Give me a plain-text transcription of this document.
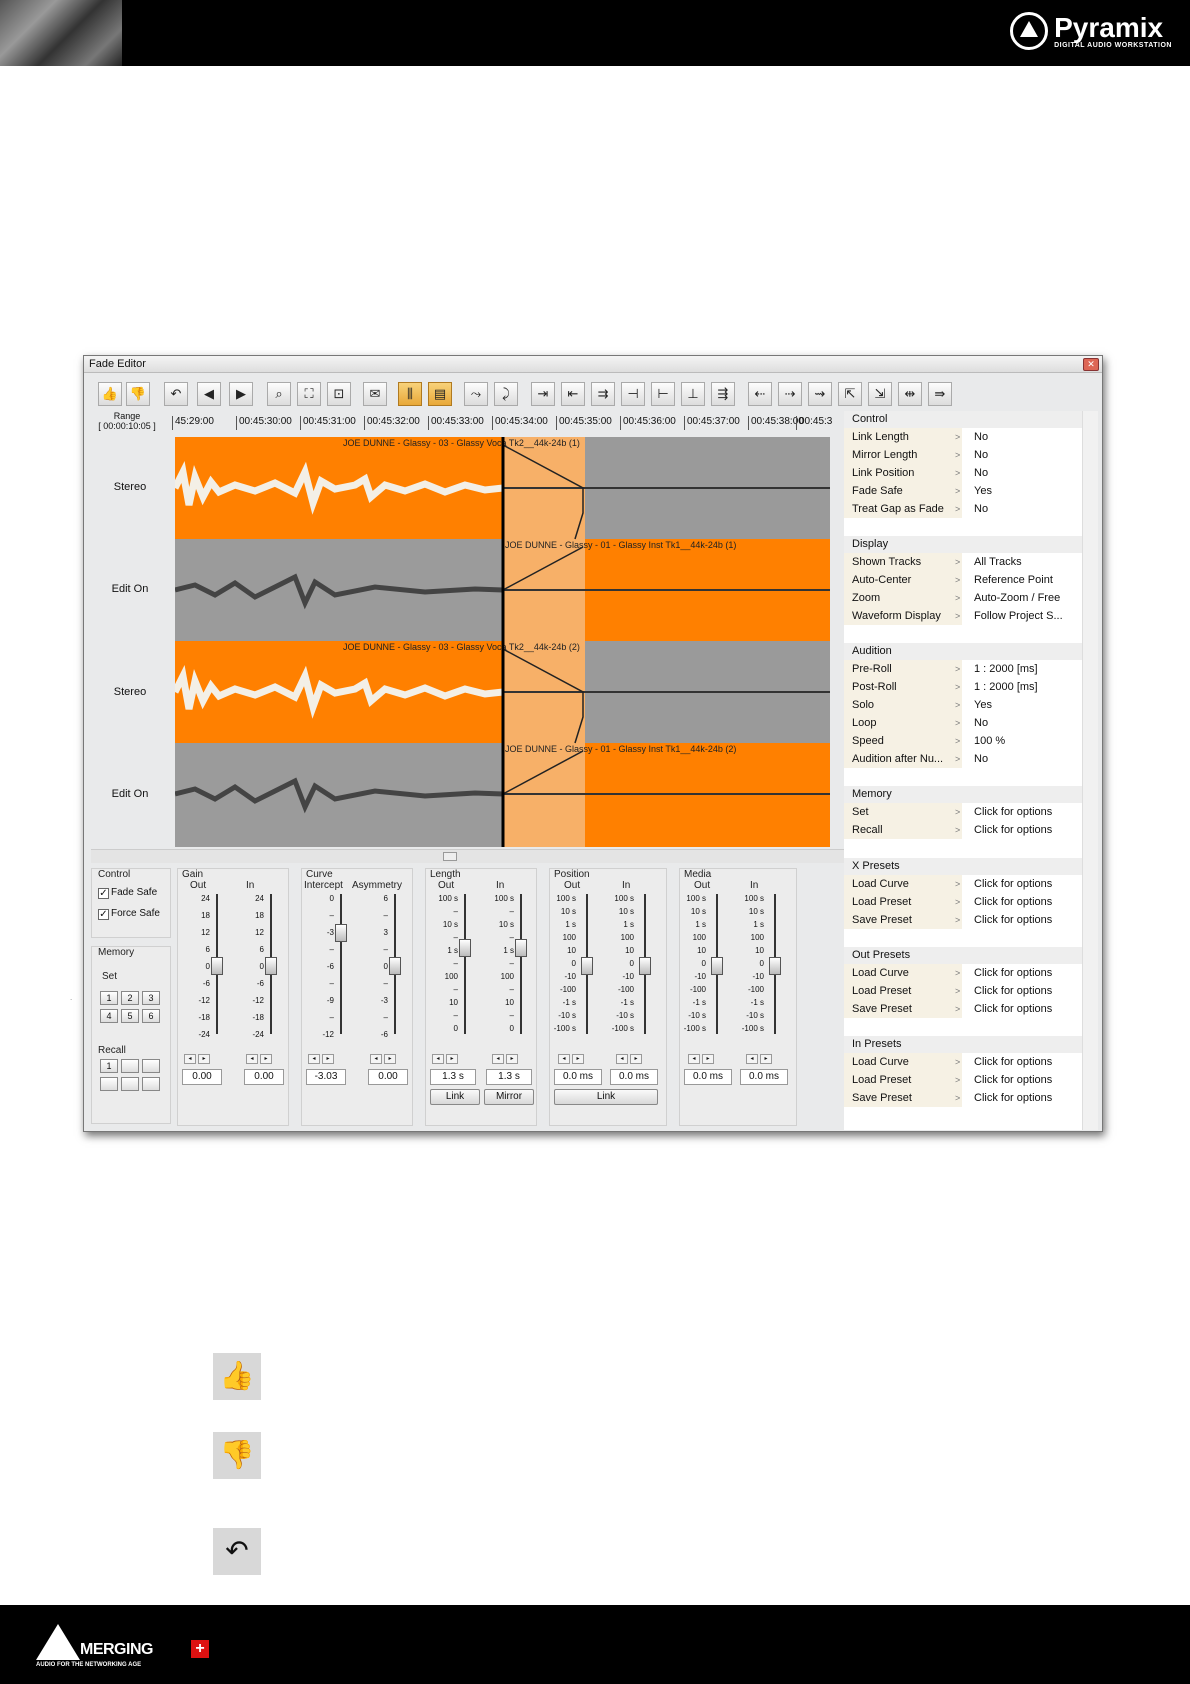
Pyramix
DIGITAL AUDIO WORKSTATION
Fade Editor	✕
👍 👎	↶	◀	▶	⌕	⛶	⊡	✉	⫼	▤	⤳	⤸	⇥	⇤	⇉	⊣	⊢	⊥	⇶	⇠	⇢	⇝	⇱	⇲	⇹	⇛
Range
[ 00:00:10:05 ]	45:29:00	00:45:30:00	00:45:31:00	00:45:32:00	00:45:33:00	00:45:34:00	00:45:35:00	00:45:36:00	00:45:37:00	00:45:38:00
00:45:3
Stereo
Edit On
Stereo
Edit On
JOE DUNNE - Glassy - 03 - Glassy Voca Tk2__44k-24b (1)
JOE DUNNE - Glassy - 01 - Glassy Inst Tk1__44k-24b (1)
JOE DUNNE - Glassy - 03 - Glassy Voca Tk2__44k-24b (2)
JOE DUNNE - Glassy - 01 - Glassy Inst Tk1__44k-24b (2)
Control
✓ Fade Safe
✓ Force Safe
Memory
Set
1	2	3
4	5	6
Recall
1
Gain
Out	In
24
18
12
6
0
-6
-12
-18
-24
24
18
12
6
0
-6
-12
-18
-24
◂	▸	◂	▸
0.00	0.00
Curve
Intercept Asymmetry
0
–
-3
–
-6
–
-9
–
-12
6
–
3
–
0
–
-3
–
-6
◂	▸	◂	▸
-3.03	0.00
Length
Out	In
100 s
–
10 s
–
1 s
–
100
–
10
–
0
100 s
–
10 s
–
1 s
–
100
–
10
–
0
◂	▸	◂	▸
1.3 s	1.3 s
Link	Mirror
Position
Out	In
100 s
10 s
1 s
100
10
0
-10
-100
-1 s
-10 s
-100 s
100 s
10 s
1 s
100
10
0
-10
-100
-1 s
-10 s
-100 s
◂	▸	◂	▸
0.0 ms	0.0 ms
Link
Media
Out	In
100 s
10 s
1 s
100
10
0
-10
-100
-1 s
-10 s
-100 s
100 s
10 s
1 s
100
10
0
-10
-100
-1 s
-10 s
-100 s
◂	▸	◂	▸
0.0 ms	0.0 ms
Control
Link Length	> No
Mirror Length	> No
Link Position	> No
Fade Safe	> Yes
Treat Gap as Fade	> No
Display
Shown Tracks	> All Tracks
Auto-Center	> Reference Point
Zoom	> Auto-Zoom / Free
Waveform Display	> Follow Project S...
Audition
Pre-Roll	> 1 : 2000 [ms]
Post-Roll	> 1 : 2000 [ms]
Solo	> Yes
Loop	> No
Speed	> 100 %
Audition after Nu...	> No
Memory
Set	> Click for options
Recall	> Click for options
X Presets
Load Curve	> Click for options
Load Preset	> Click for options
Save Preset	> Click for options
Out Presets
Load Curve	> Click for options
Load Preset	> Click for options
Save Preset	> Click for options
In Presets
Load Curve	> Click for options
Load Preset	> Click for options
Save Preset	> Click for options
.
👍
👎
↶
MERGING	+
AUDIO FOR THE NETWORKING AGE
